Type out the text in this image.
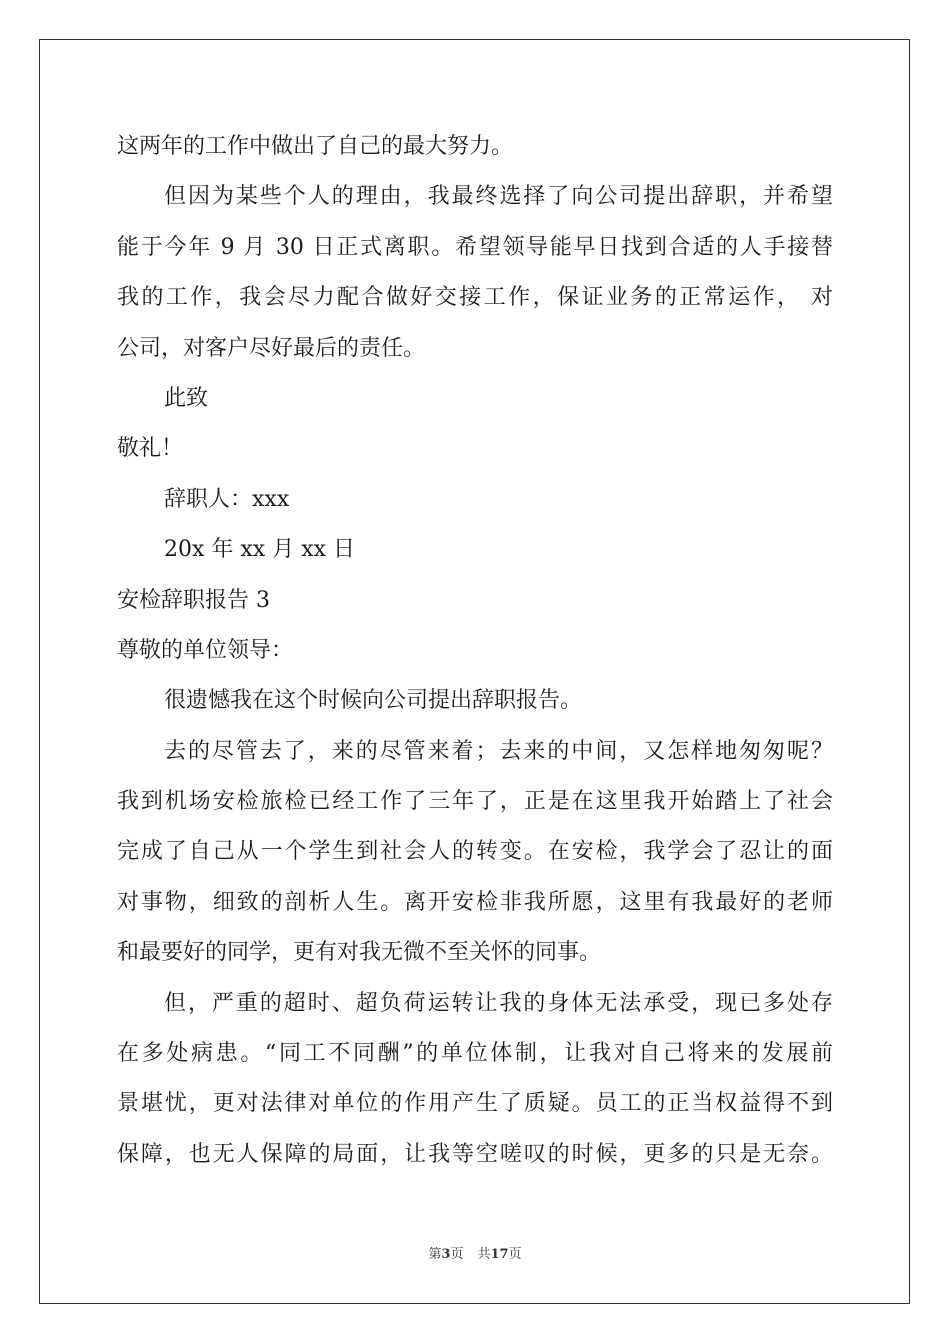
这两年的工作中做出了自己的最大努力。
但因为某些个人的理由，我最终选择了向公司提出辞职，并希望
能于今年 9 月 30 日正式离职。希望领导能早日找到合适的人手接替
我的工作，我会尽力配合做好交接工作，保证业务的正常运作， 对
公司，对客户尽好最后的责任。
此致
敬礼！
辞职人：xxx
20x 年 xx 月 xx 日
安检辞职报告 3
尊敬的单位领导：
很遗憾我在这个时候向公司提出辞职报告。
去的尽管去了，来的尽管来着；去来的中间，又怎样地匆匆呢？
我到机场安检旅检已经工作了三年了，正是在这里我开始踏上了社会
完成了自己从一个学生到社会人的转变。在安检，我学会了忍让的面
对事物，细致的剖析人生。离开安检非我所愿，这里有我最好的老师
和最要好的同学，更有对我无微不至关怀的同事。
但，严重的超时、超负荷运转让我的身体无法承受，现已多处存
在多处病患。“同工不同酬”的单位体制，让我对自己将来的发展前
景堪忧，更对法律对单位的作用产生了质疑。员工的正当权益得不到
保障，也无人保障的局面，让我等空嗟叹的时候，更多的只是无奈。
第3页 共17页
